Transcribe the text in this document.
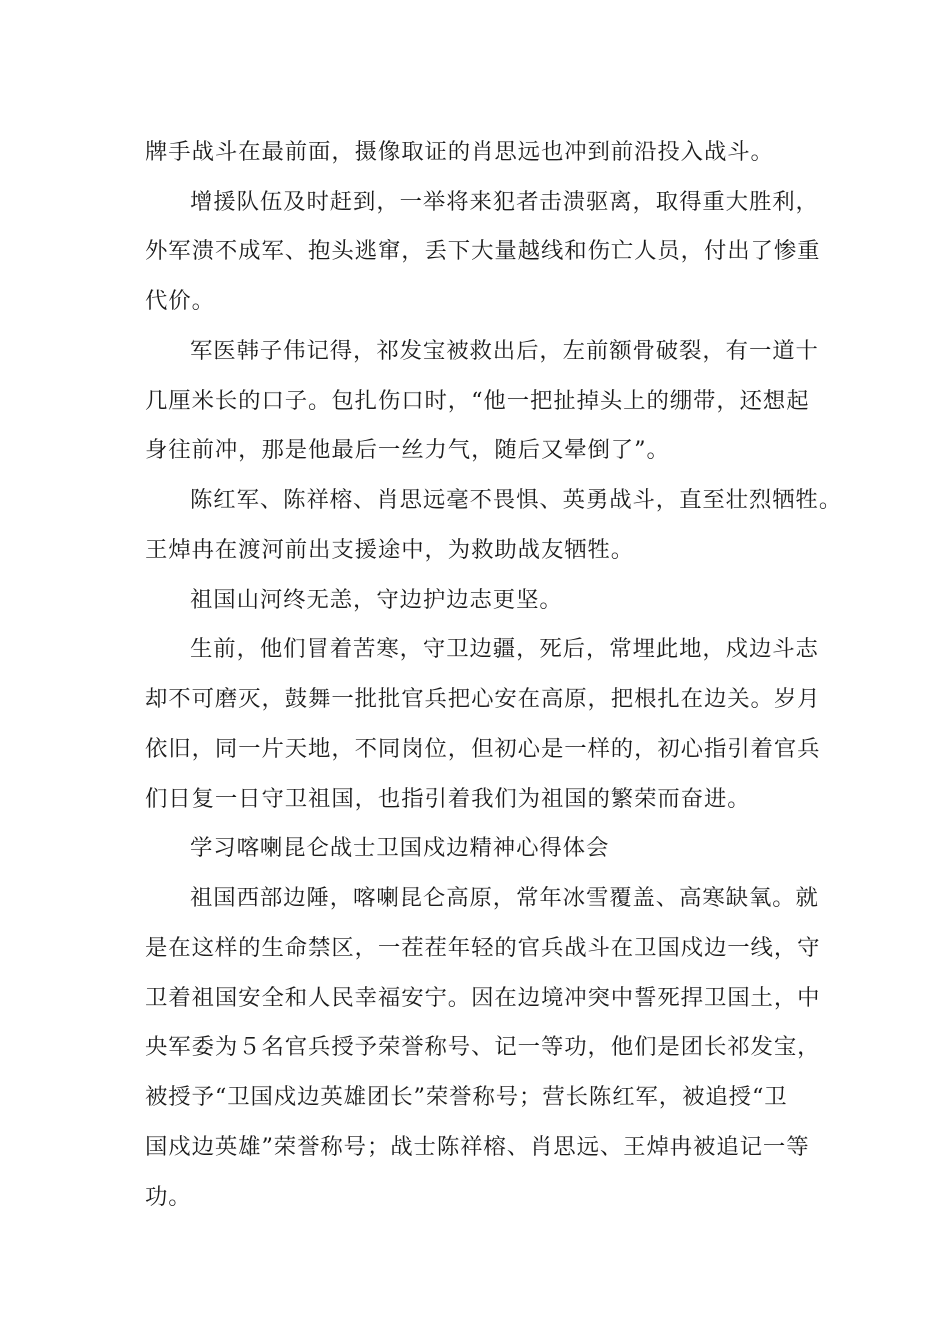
牌手战斗在最前面，摄像取证的肖思远也冲到前沿投入战斗。
增援队伍及时赶到，一举将来犯者击溃驱离，取得重大胜利，
外军溃不成军、抱头逃窜，丢下大量越线和伤亡人员，付出了惨重
代价。
军医韩子伟记得，祁发宝被救出后，左前额骨破裂，有一道十
几厘米长的口子。包扎伤口时，“他一把扯掉头上的绷带，还想起
身往前冲，那是他最后一丝力气，随后又晕倒了”。
陈红军、陈祥榕、肖思远毫不畏惧、英勇战斗，直至壮烈牺牲。
王焯冉在渡河前出支援途中，为救助战友牺牲。
祖国山河终无恙，守边护边志更坚。
生前，他们冒着苦寒，守卫边疆，死后，常埋此地，戍边斗志
却不可磨灭，鼓舞一批批官兵把心安在高原，把根扎在边关。岁月
依旧，同一片天地，不同岗位，但初心是一样的，初心指引着官兵
们日复一日守卫祖国，也指引着我们为祖国的繁荣而奋进。
学习喀喇昆仑战士卫国戍边精神心得体会
祖国西部边陲，喀喇昆仑高原，常年冰雪覆盖、高寒缺氧。就
是在这样的生命禁区，一茬茬年轻的官兵战斗在卫国戍边一线，守
卫着祖国安全和人民幸福安宁。因在边境冲突中誓死捍卫国土，中
央军委为５名官兵授予荣誉称号、记一等功，他们是团长祁发宝，
被授予“卫国戍边英雄团长”荣誉称号；营长陈红军，被追授“卫
国戍边英雄”荣誉称号；战士陈祥榕、肖思远、王焯冉被追记一等
功。
